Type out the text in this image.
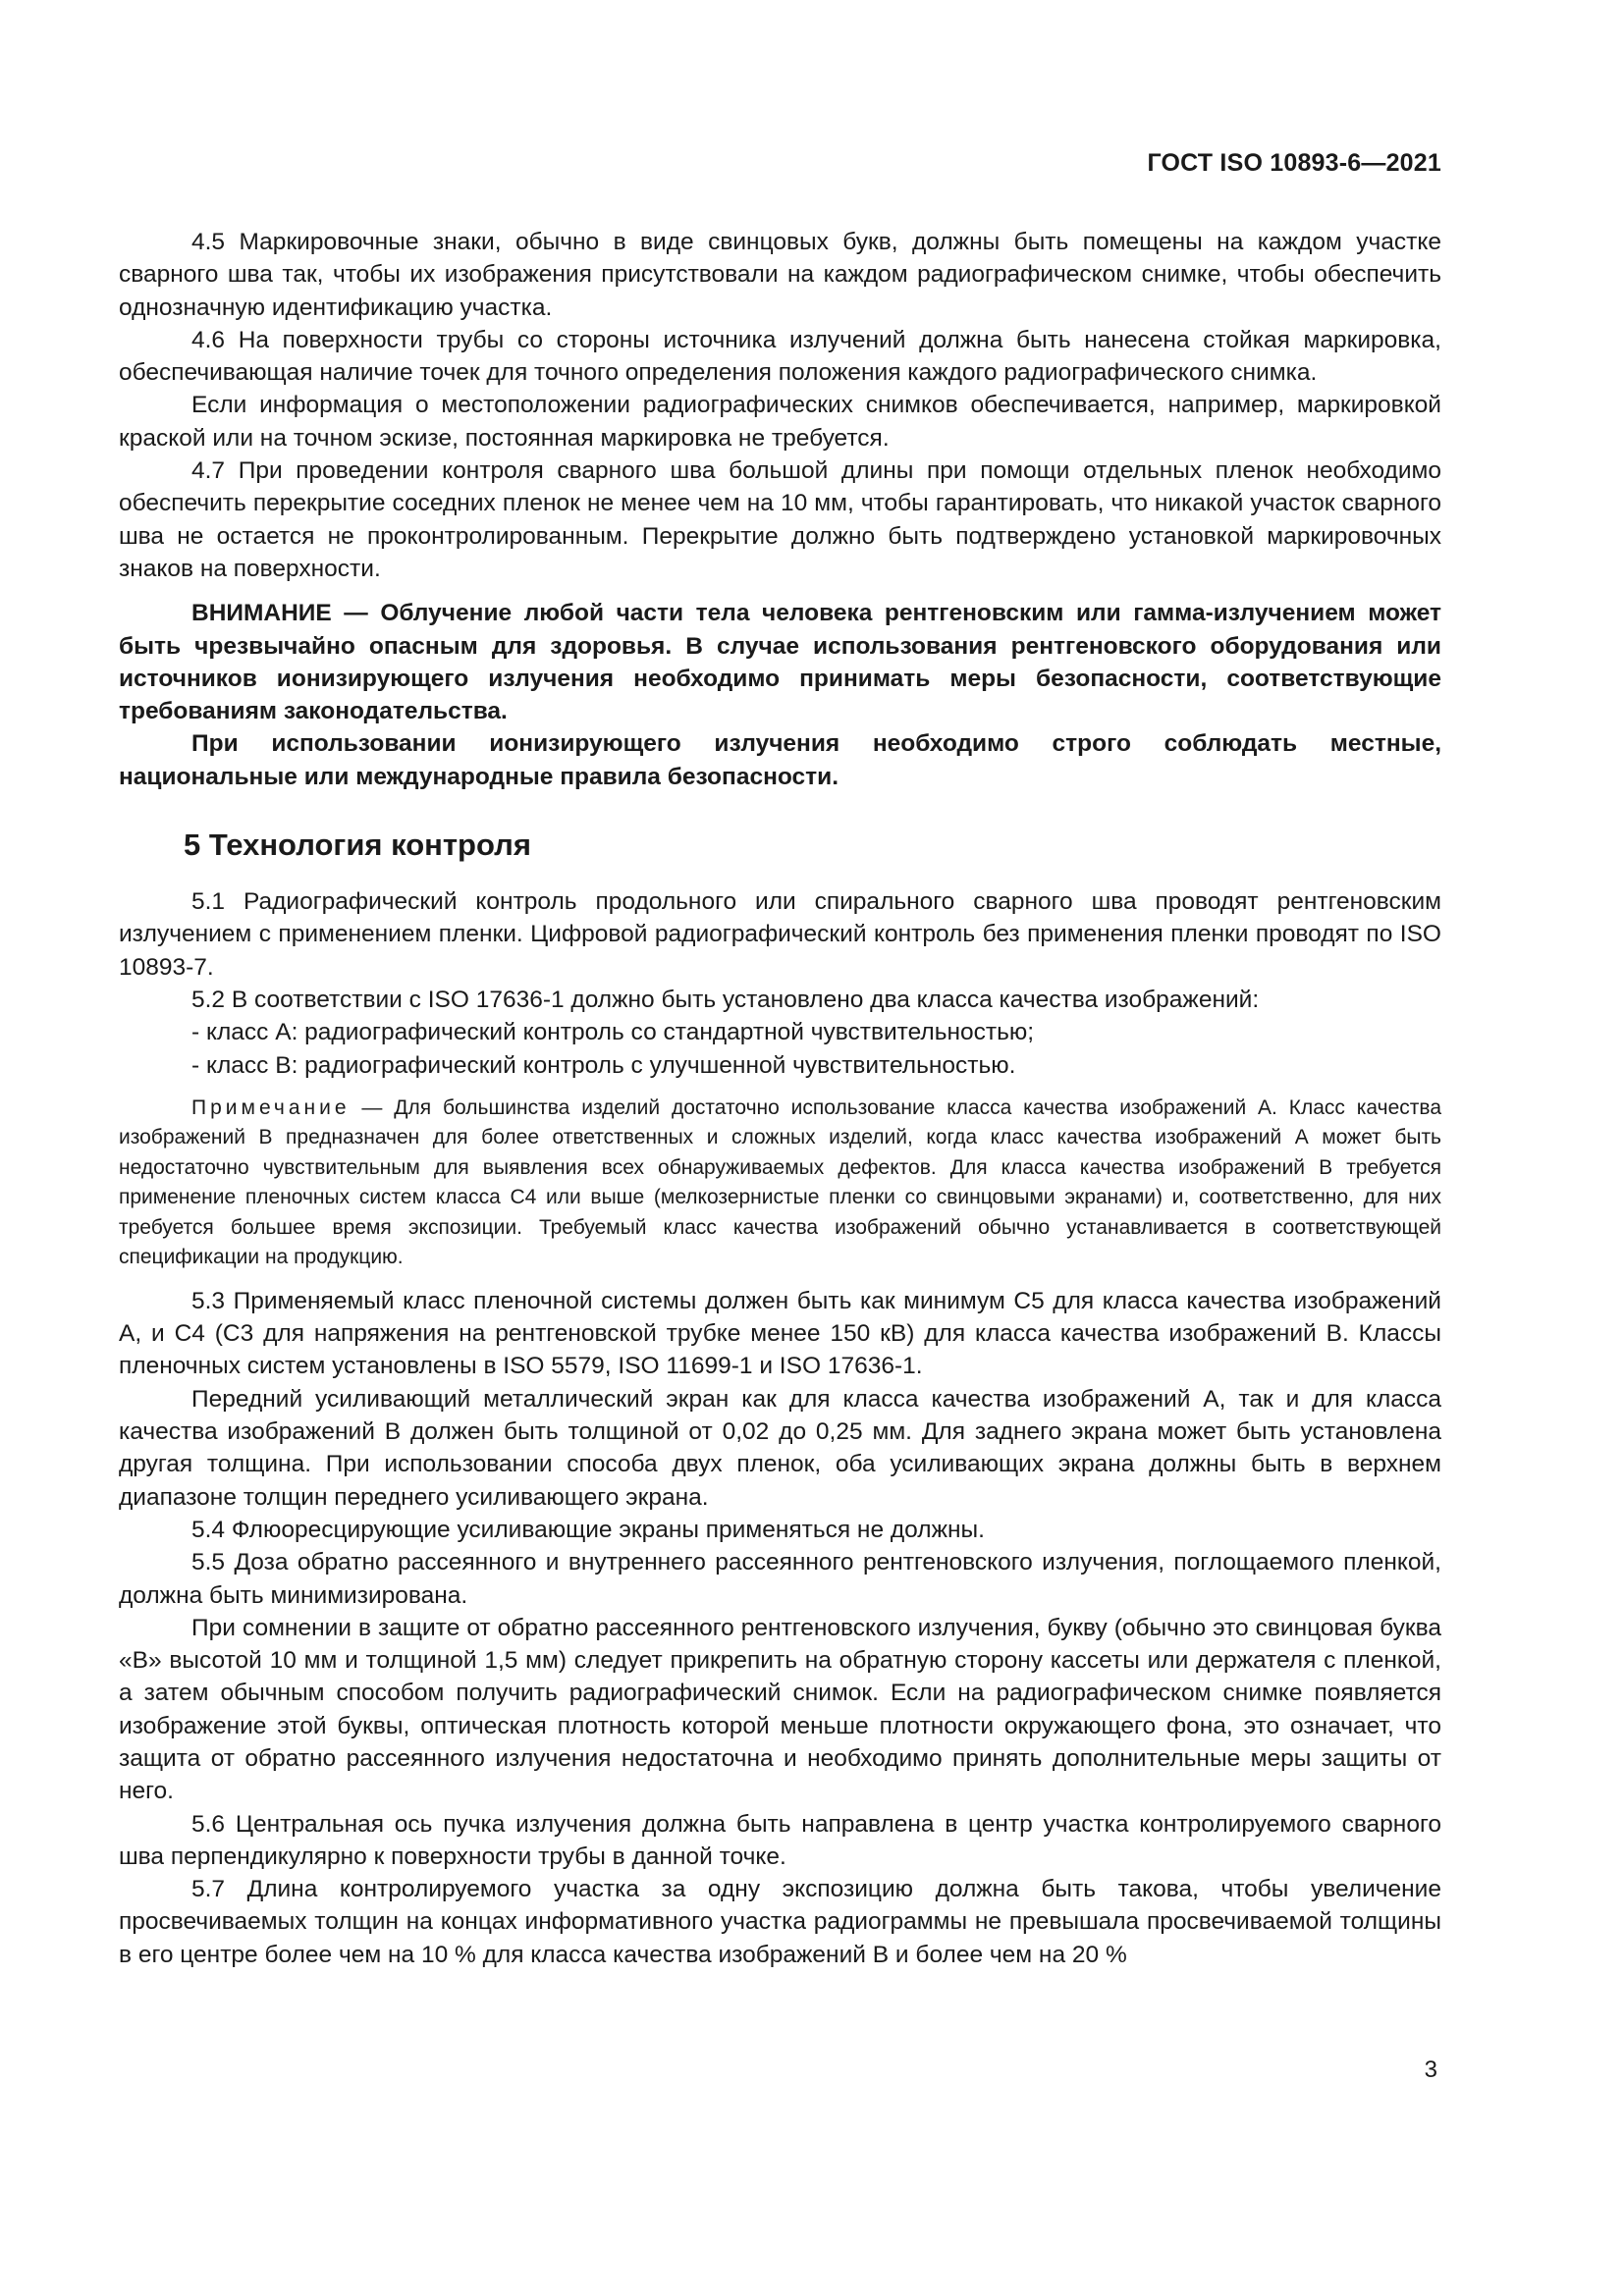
ГОСТ ISO 10893-6—2021

4.5 Маркировочные знаки, обычно в виде свинцовых букв, должны быть помещены на каждом участке сварного шва так, чтобы их изображения присутствовали на каждом радиографическом снимке, чтобы обеспечить однозначную идентификацию участка.

4.6 На поверхности трубы со стороны источника излучений должна быть нанесена стойкая маркировка, обеспечивающая наличие точек для точного определения положения каждого радиографического снимка.

Если информация о местоположении радиографических снимков обеспечивается, например, маркировкой краской или на точном эскизе, постоянная маркировка не требуется.

4.7 При проведении контроля сварного шва большой длины при помощи отдельных пленок необходимо обеспечить перекрытие соседних пленок не менее чем на 10 мм, чтобы гарантировать, что никакой участок сварного шва не остается не проконтролированным. Перекрытие должно быть подтверждено установкой маркировочных знаков на поверхности.

ВНИМАНИЕ — Облучение любой части тела человека рентгеновским или гамма-излучением может быть чрезвычайно опасным для здоровья. В случае использования рентгеновского оборудования или источников ионизирующего излучения необходимо принимать меры безопасности, соответствующие требованиям законодательства.

При использовании ионизирующего излучения необходимо строго соблюдать местные, национальные или международные правила безопасности.

5 Технология контроля

5.1 Радиографический контроль продольного или спирального сварного шва проводят рентгеновским излучением с применением пленки. Цифровой радиографический контроль без применения пленки проводят по ISO 10893-7.

5.2 В соответствии с ISO 17636-1 должно быть установлено два класса качества изображений:

- класс А: радиографический контроль со стандартной чувствительностью;
- класс В: радиографический контроль с улучшенной чувствительностью.
Примечание — Для большинства изделий достаточно использование класса качества изображений А. Класс качества изображений В предназначен для более ответственных и сложных изделий, когда класс качества изображений А может быть недостаточно чувствительным для выявления всех обнаруживаемых дефектов. Для класса качества изображений В требуется применение пленочных систем класса С4 или выше (мелкозернистые пленки со свинцовыми экранами) и, соответственно, для них требуется большее время экспозиции. Требуемый класс качества изображений обычно устанавливается в соответствующей спецификации на продукцию.

5.3 Применяемый класс пленочной системы должен быть как минимум С5 для класса качества изображений А, и С4 (С3 для напряжения на рентгеновской трубке менее 150 кВ) для класса качества изображений В. Классы пленочных систем установлены в ISO 5579, ISO 11699-1 и ISO 17636-1.

Передний усиливающий металлический экран как для класса качества изображений А, так и для класса качества изображений В должен быть толщиной от 0,02 до 0,25 мм. Для заднего экрана может быть установлена другая толщина. При использовании способа двух пленок, оба усиливающих экрана должны быть в верхнем диапазоне толщин переднего усиливающего экрана.

5.4 Флюоресцирующие усиливающие экраны применяться не должны.

5.5 Доза обратно рассеянного и внутреннего рассеянного рентгеновского излучения, поглощаемого пленкой, должна быть минимизирована.

При сомнении в защите от обратно рассеянного рентгеновского излучения, букву (обычно это свинцовая буква «В» высотой 10 мм и толщиной 1,5 мм) следует прикрепить на обратную сторону кассеты или держателя с пленкой, а затем обычным способом получить радиографический снимок. Если на радиографическом снимке появляется изображение этой буквы, оптическая плотность которой меньше плотности окружающего фона, это означает, что защита от обратно рассеянного излучения недостаточна и необходимо принять дополнительные меры защиты от него.

5.6 Центральная ось пучка излучения должна быть направлена в центр участка контролируемого сварного шва перпендикулярно к поверхности трубы в данной точке.

5.7 Длина контролируемого участка за одну экспозицию должна быть такова, чтобы увеличение просвечиваемых толщин на концах информативного участка радиограммы не превышала просвечиваемой толщины в его центре более чем на 10 % для класса качества изображений В и более чем на 20 %

3
